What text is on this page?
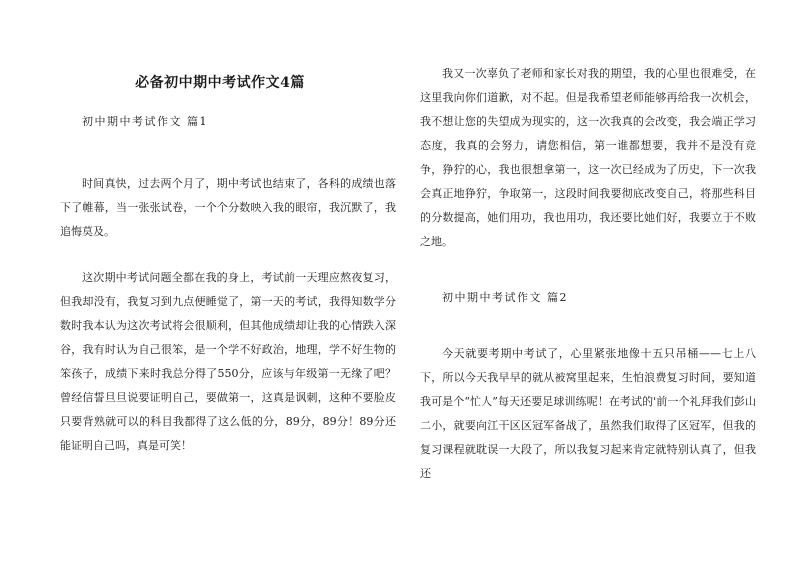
必备初中期中考试作文4篇
初中期中考试作文 篇1

时间真快，过去两个月了，期中考试也结束了，各科的成绩也落下了帷幕，当一张张试卷，一个个分数映入我的眼帘，我沉默了，我追悔莫及。

这次期中考试问题全都在我的身上，考试前一天理应熬夜复习，但我却没有，我复习到九点便睡觉了，第一天的考试，我得知数学分数时我本认为这次考试将会很顺利，但其他成绩却让我的心情跌入深谷，我有时认为自己很笨，是一个学不好政治，地理，学不好生物的笨孩子，成绩下来时我总分得了550分，应该与年级第一无缘了吧？曾经信誓旦旦说要证明自己，要做第一，这真是讽刺，这种不要脸皮只要背熟就可以的科目我都得了这么低的分，89分，89分！89分还能证明自己吗，真是可笑！

我又一次辜负了老师和家长对我的期望，我的心里也很难受，在这里我向你们道歉，对不起。但是我希望老师能够再给我一次机会，我不想让您的失望成为现实的，这一次我真的会改变，我会端正学习态度，我真的会努力，请您相信，第一谁都想要，我并不是没有竞争，狰狞的心，我也很想拿第一，这一次已经成为了历史，下一次我会真正地狰狞，争取第一，这段时间我要彻底改变自己，将那些科目的分数提高，她们用功，我也用功，我还要比她们好，我要立于不败之地。

初中期中考试作文 篇2

今天就要考期中考试了，心里紧张地像十五只吊桶——七上八下，所以今天我早早的就从被窝里起来，生怕浪费复习时间，要知道我可是个“忙人”每天还要足球训练呢！在考试的'前一个礼拜我们彭山二小，就要向江干区区冠军备战了，虽然我们取得了区冠军，但我的复习课程就耽误一大段了，所以我复习起来肯定就特别认真了，但我还
